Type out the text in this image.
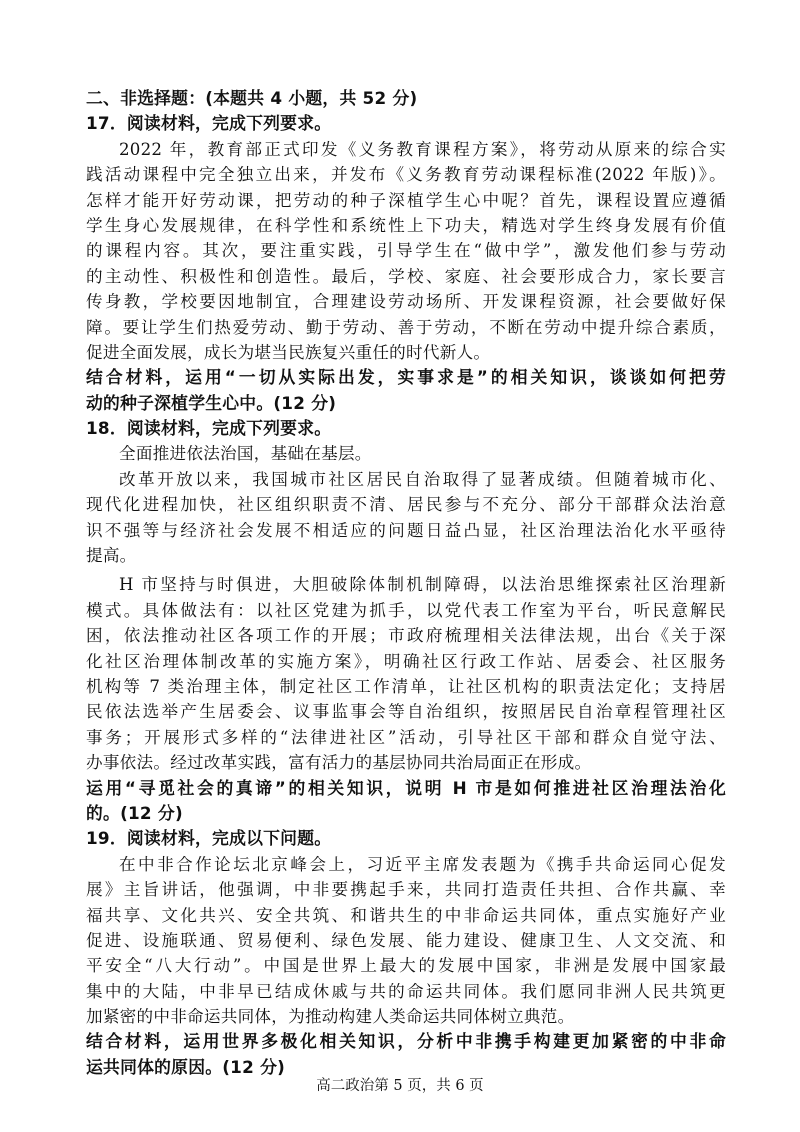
二、非选择题：(本题共 4 小题，共 52 分)
17．阅读材料，完成下列要求。
2022 年，教育部正式印发《义务教育课程方案》，将劳动从原来的综合实
践活动课程中完全独立出来，并发布《义务教育劳动课程标准(2022 年版)》。
怎样才能开好劳动课，把劳动的种子深植学生心中呢？首先，课程设置应遵循
学生身心发展规律，在科学性和系统性上下功夫，精选对学生终身发展有价值
的课程内容。其次，要注重实践，引导学生在“做中学”，激发他们参与劳动
的主动性、积极性和创造性。最后，学校、家庭、社会要形成合力，家长要言
传身教，学校要因地制宜，合理建设劳动场所、开发课程资源，社会要做好保
障。要让学生们热爱劳动、勤于劳动、善于劳动，不断在劳动中提升综合素质，
促进全面发展，成长为堪当民族复兴重任的时代新人。
结合材料，运用“一切从实际出发，实事求是”的相关知识，谈谈如何把劳
动的种子深植学生心中。(12 分)
18．阅读材料，完成下列要求。
全面推进依法治国，基础在基层。
改革开放以来，我国城市社区居民自治取得了显著成绩。但随着城市化、
现代化进程加快，社区组织职责不清、居民参与不充分、部分干部群众法治意
识不强等与经济社会发展不相适应的问题日益凸显，社区治理法治化水平亟待
提高。
H 市坚持与时俱进，大胆破除体制机制障碍，以法治思维探索社区治理新
模式。具体做法有：以社区党建为抓手，以党代表工作室为平台，听民意解民
困，依法推动社区各项工作的开展；市政府梳理相关法律法规，出台《关于深
化社区治理体制改革的实施方案》，明确社区行政工作站、居委会、社区服务
机构等 7 类治理主体，制定社区工作清单，让社区机构的职责法定化；支持居
民依法选举产生居委会、议事监事会等自治组织，按照居民自治章程管理社区
事务；开展形式多样的“法律进社区”活动，引导社区干部和群众自觉守法、
办事依法。经过改革实践，富有活力的基层协同共治局面正在形成。
运用“寻觅社会的真谛”的相关知识，说明 H 市是如何推进社区治理法治化
的。(12 分)
19．阅读材料，完成以下问题。
在中非合作论坛北京峰会上，习近平主席发表题为《携手共命运同心促发
展》主旨讲话，他强调，中非要携起手来，共同打造责任共担、合作共赢、幸
福共享、文化共兴、安全共筑、和谐共生的中非命运共同体，重点实施好产业
促进、设施联通、贸易便利、绿色发展、能力建设、健康卫生、人文交流、和
平安全“八大行动”。中国是世界上最大的发展中国家，非洲是发展中国家最
集中的大陆，中非早已结成休戚与共的命运共同体。我们愿同非洲人民共筑更
加紧密的中非命运共同体，为推动构建人类命运共同体树立典范。
结合材料，运用世界多极化相关知识，分析中非携手构建更加紧密的中非命
运共同体的原因。(12 分)
高二政治第 5 页，共 6 页
